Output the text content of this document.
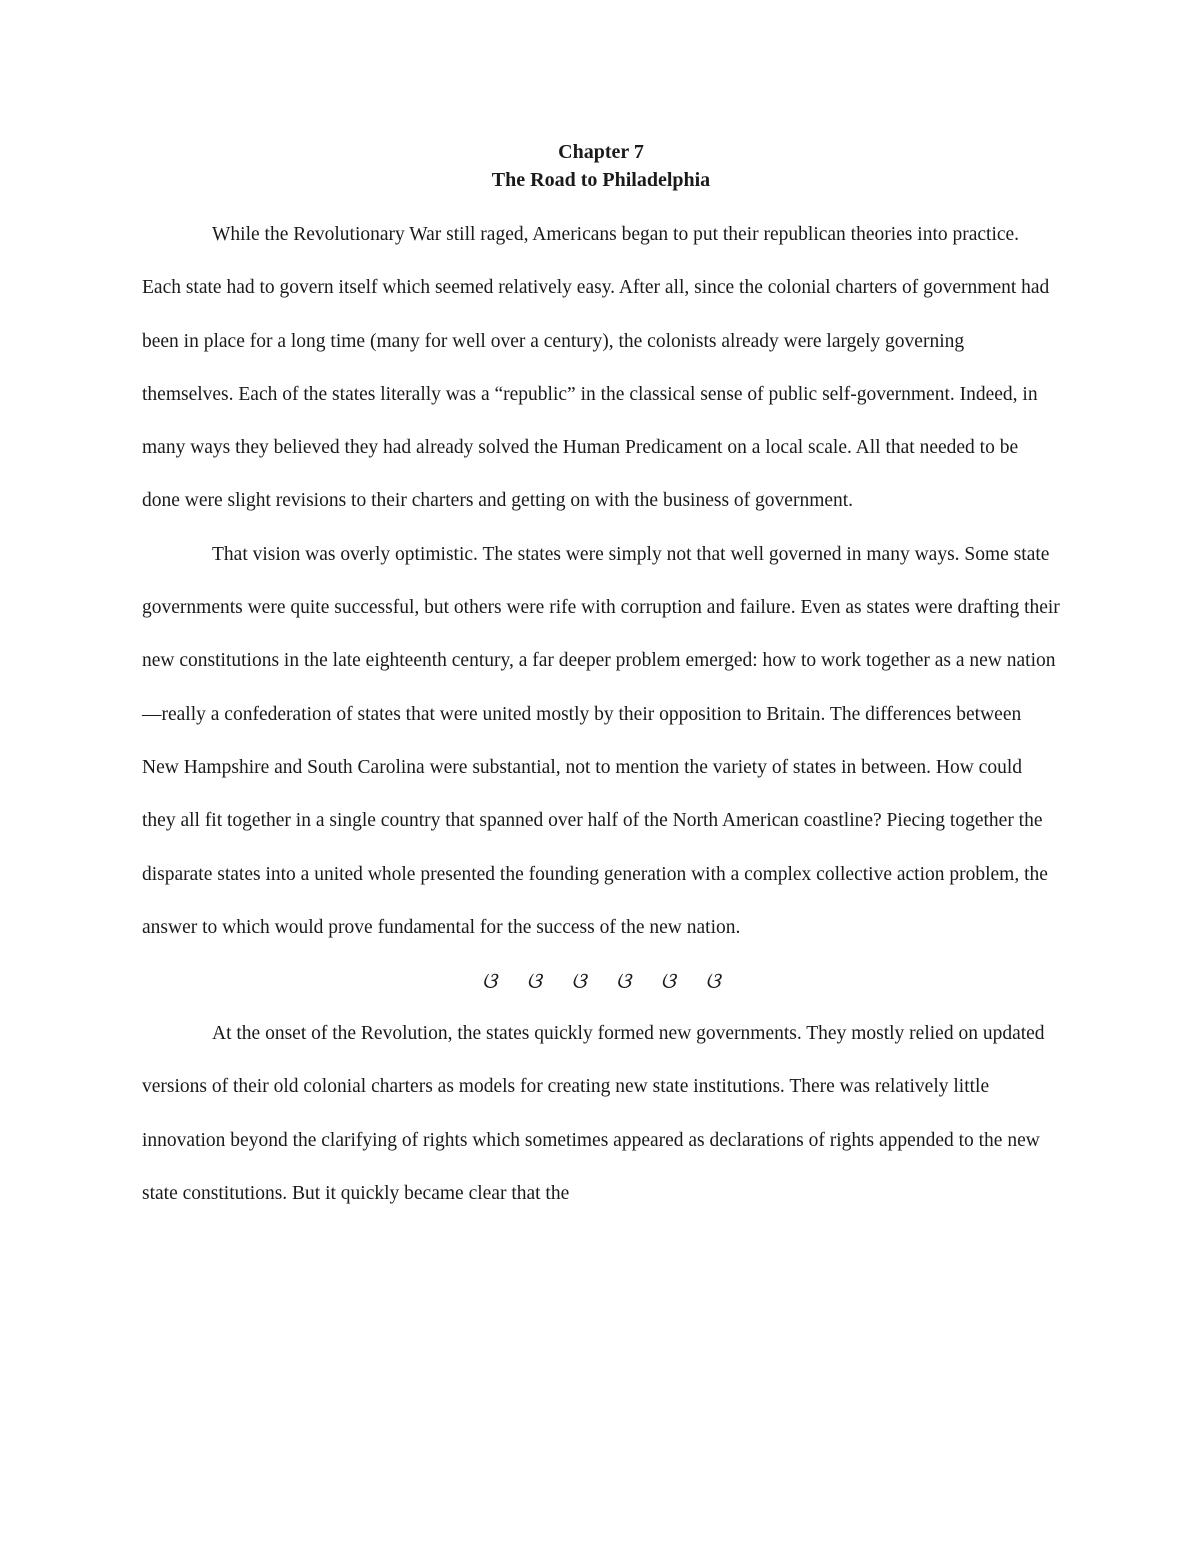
Chapter 7
The Road to Philadelphia

While the Revolutionary War still raged, Americans began to put their republican theories into practice. Each state had to govern itself which seemed relatively easy. After all, since the colonial charters of government had been in place for a long time (many for well over a century), the colonists already were largely governing themselves. Each of the states literally was a “republic” in the classical sense of public self-government. Indeed, in many ways they believed they had already solved the Human Predicament on a local scale. All that needed to be done were slight revisions to their charters and getting on with the business of government.

That vision was overly optimistic. The states were simply not that well governed in many ways. Some state governments were quite successful, but others were rife with corruption and failure. Even as states were drafting their new constitutions in the late eighteenth century, a far deeper problem emerged: how to work together as a new nation—really a confederation of states that were united mostly by their opposition to Britain. The differences between New Hampshire and South Carolina were substantial, not to mention the variety of states in between. How could they all fit together in a single country that spanned over half of the North American coastline? Piecing together the disparate states into a united whole presented the founding generation with a complex collective action problem, the answer to which would prove fundamental for the success of the new nation.

ଓ ଓ ଓ ଓ ଓ ଓ

At the onset of the Revolution, the states quickly formed new governments. They mostly relied on updated versions of their old colonial charters as models for creating new state institutions. There was relatively little innovation beyond the clarifying of rights which sometimes appeared as declarations of rights appended to the new state constitutions. But it quickly became clear that the
